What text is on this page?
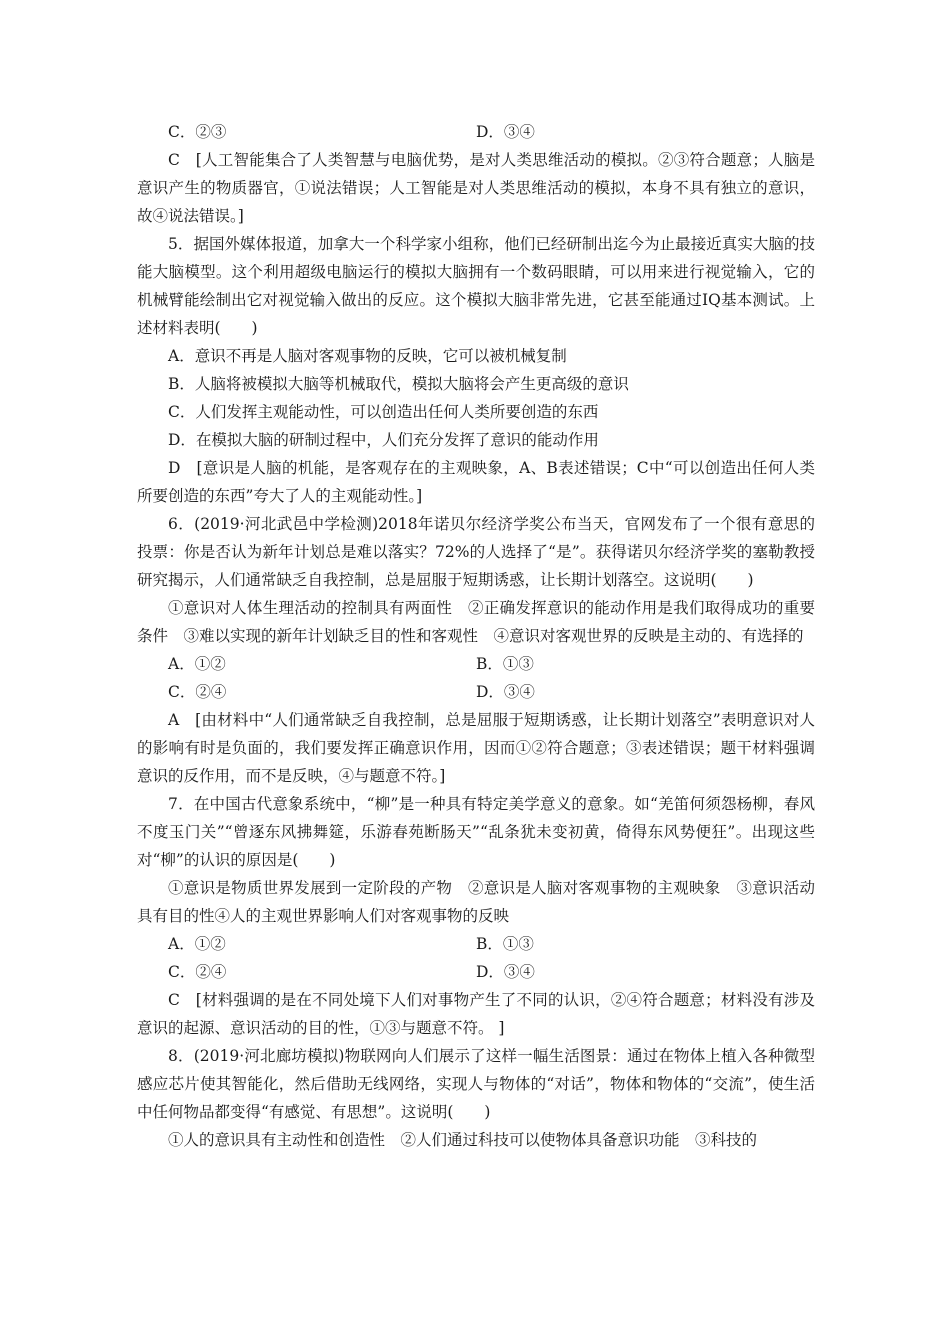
C．②③	D．③④

C　[人工智能集合了人类智慧与电脑优势，是对人类思维活动的模拟。②③符合题意；人脑是意识产生的物质器官，①说法错误；人工智能是对人类思维活动的模拟，本身不具有独立的意识，故④说法错误。]

5．据国外媒体报道，加拿大一个科学家小组称，他们已经研制出迄今为止最接近真实大脑的技能大脑模型。这个利用超级电脑运行的模拟大脑拥有一个数码眼睛，可以用来进行视觉输入，它的机械臂能绘制出它对视觉输入做出的反应。这个模拟大脑非常先进，它甚至能通过IQ基本测试。上述材料表明(　　)

A．意识不再是人脑对客观事物的反映，它可以被机械复制
B．人脑将被模拟大脑等机械取代，模拟大脑将会产生更高级的意识
C．人们发挥主观能动性，可以创造出任何人类所要创造的东西
D．在模拟大脑的研制过程中，人们充分发挥了意识的能动作用

D　[意识是人脑的机能，是客观存在的主观映象，A、B表述错误；C中“可以创造出任何人类所要创造的东西”夸大了人的主观能动性。]

6．(2019·河北武邑中学检测)2018年诺贝尔经济学奖公布当天，官网发布了一个很有意思的投票：你是否认为新年计划总是难以落实？72%的人选择了“是”。获得诺贝尔经济学奖的塞勒教授研究揭示，人们通常缺乏自我控制，总是屈服于短期诱惑，让长期计划落空。这说明(　　)

①意识对人体生理活动的控制具有两面性　②正确发挥意识的能动作用是我们取得成功的重要条件　③难以实现的新年计划缺乏目的性和客观性　④意识对客观世界的反映是主动的、有选择的

A．①②	B．①③
C．②④	D．③④

A　[由材料中“人们通常缺乏自我控制，总是屈服于短期诱惑，让长期计划落空”表明意识对人的影响有时是负面的，我们要发挥正确意识作用，因而①②符合题意；③表述错误；题干材料强调意识的反作用，而不是反映，④与题意不符。]

7．在中国古代意象系统中，“柳”是一种具有特定美学意义的意象。如“羌笛何须怨杨柳，春风不度玉门关”“曾逐东风拂舞筵，乐游春苑断肠天”“乱条犹未变初黄，倚得东风势便狂”。出现这些对“柳”的认识的原因是(　　)

①意识是物质世界发展到一定阶段的产物　②意识是人脑对客观事物的主观映象　③意识活动具有目的性④人的主观世界影响人们对客观事物的反映

A．①②	B．①③
C．②④	D．③④

C　[材料强调的是在不同处境下人们对事物产生了不同的认识，②④符合题意；材料没有涉及意识的起源、意识活动的目的性，①③与题意不符。 ]

8．(2019·河北廊坊模拟)物联网向人们展示了这样一幅生活图景：通过在物体上植入各种微型感应芯片使其智能化，然后借助无线网络，实现人与物体的“对话”，物体和物体的“交流”，使生活中任何物品都变得“有感觉、有思想”。这说明(　　)

①人的意识具有主动性和创造性　②人们通过科技可以使物体具备意识功能　③科技的
